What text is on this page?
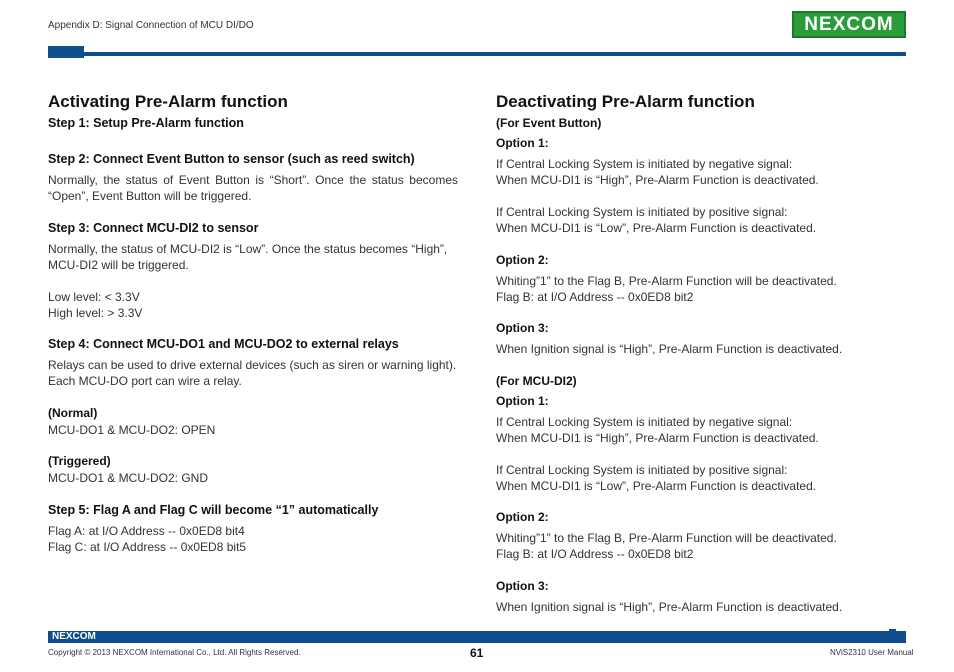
Appendix D: Signal Connection of MCU DI/DO	NEXCOM
Activating Pre-Alarm function
Step 1: Setup Pre-Alarm function
Step 2: Connect Event Button to sensor (such as reed switch)
Normally, the status of Event Button is “Short”. Once the status becomes “Open”, Event Button will be triggered.
Step 3: Connect MCU-DI2 to sensor
Normally, the status of MCU-DI2 is “Low”. Once the status becomes “High”, MCU-DI2 will be triggered.
Low level: < 3.3V
High level: > 3.3V
Step 4: Connect MCU-DO1 and MCU-DO2 to external relays
Relays can be used to drive external devices (such as siren or warning light).
Each MCU-DO port can wire a relay.
(Normal)
MCU-DO1 & MCU-DO2: OPEN
(Triggered)
MCU-DO1 & MCU-DO2: GND
Step 5: Flag A and Flag C will become “1” automatically
Flag A: at I/O Address -- 0x0ED8 bit4
Flag C: at I/O Address -- 0x0ED8 bit5
Deactivating Pre-Alarm function
(For Event Button)
Option 1:
If Central Locking System is initiated by negative signal:
When MCU-DI1 is “High”, Pre-Alarm Function is deactivated.
If Central Locking System is initiated by positive signal:
When MCU-DI1 is “Low”, Pre-Alarm Function is deactivated.
Option 2:
Whiting”1” to the Flag B, Pre-Alarm Function will be deactivated.
Flag B: at I/O Address -- 0x0ED8 bit2
Option 3:
When Ignition signal is “High”, Pre-Alarm Function is deactivated.
(For MCU-DI2)
Option 1:
If Central Locking System is initiated by negative signal:
When MCU-DI1 is “High”, Pre-Alarm Function is deactivated.
If Central Locking System is initiated by positive signal:
When MCU-DI1 is “Low”, Pre-Alarm Function is deactivated.
Option 2:
Whiting”1” to the Flag B, Pre-Alarm Function will be deactivated.
Flag B: at I/O Address -- 0x0ED8 bit2
Option 3:
When Ignition signal is “High”, Pre-Alarm Function is deactivated.
NEXCOM
Copyright © 2013 NEXCOM International Co., Ltd. All Rights Reserved.	61	NViS2310 User Manual
